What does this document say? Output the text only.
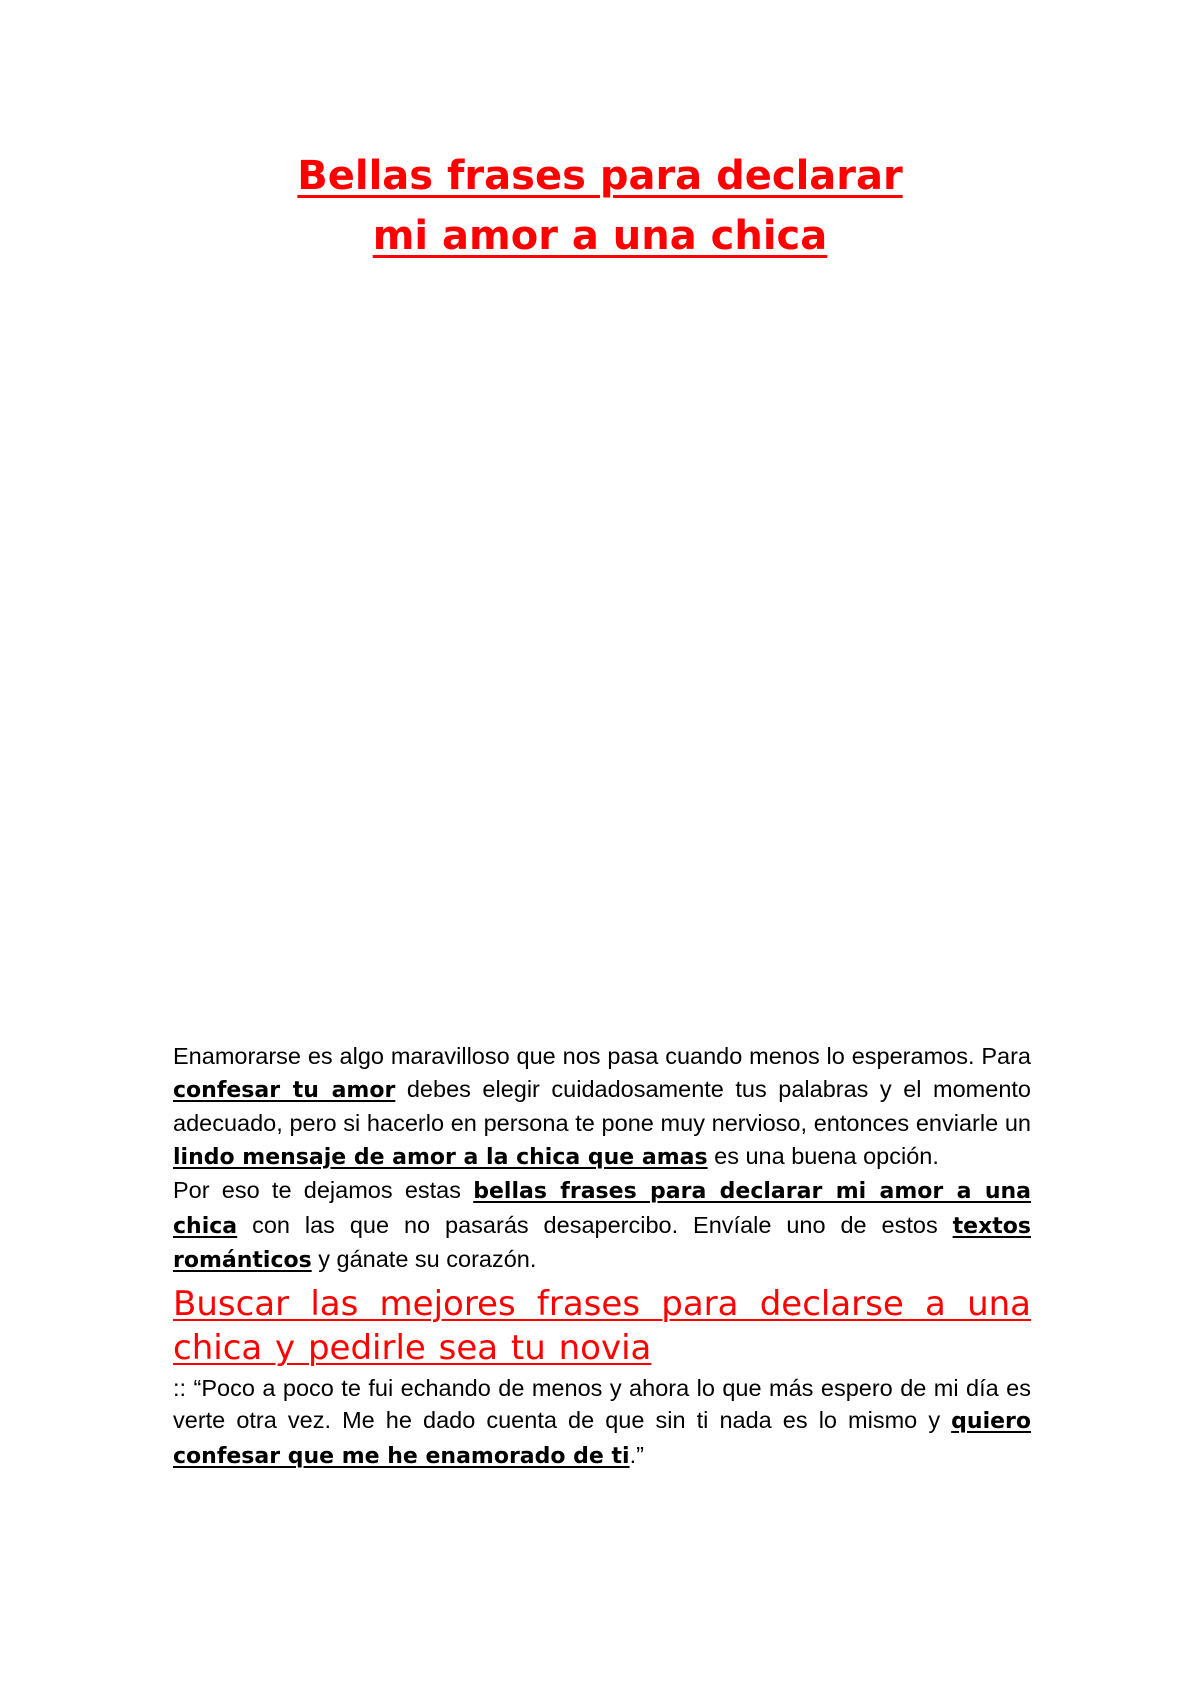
Bellas frases para declarar
mi amor a una chica

Enamorarse es algo maravilloso que nos pasa cuando menos lo esperamos. Para confesar tu amor debes elegir cuidadosamente tus palabras y el momento adecuado, pero si hacerlo en persona te pone muy nervioso, entonces enviarle un lindo mensaje de amor a la chica que amas es una buena opción.

Por eso te dejamos estas bellas frases para declarar mi amor a una chica con las que no pasarás desapercibo. Envíale uno de estos textos románticos y gánate su corazón.

Buscar las mejores frases para declarse a una chica y pedirle sea tu novia

:: “Poco a poco te fui echando de menos y ahora lo que más espero de mi día es verte otra vez. Me he dado cuenta de que sin ti nada es lo mismo y quiero confesar que me he enamorado de ti.”
